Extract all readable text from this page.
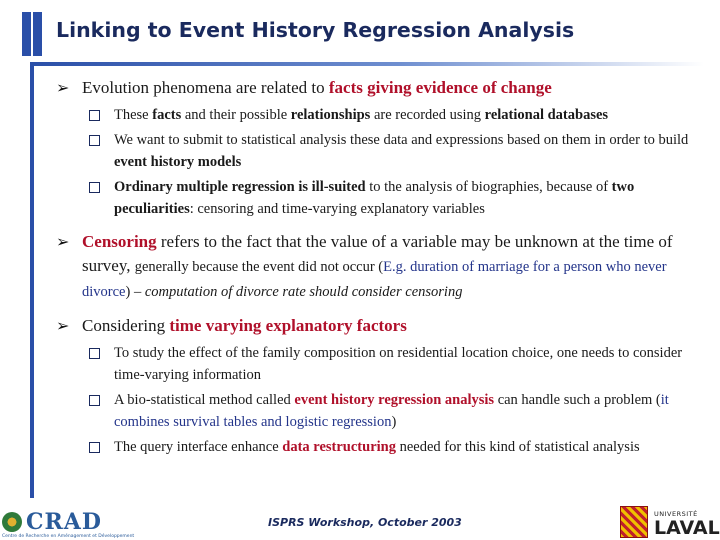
Linking to Event History Regression Analysis
➢ Evolution phenomena are related to facts giving evidence of change
These facts and their possible relationships are recorded using relational databases
We want to submit to statistical analysis these data and expressions based on them in order to build event history models
Ordinary multiple regression is ill-suited to the analysis of biographies, because of two peculiarities: censoring and time-varying explanatory variables
➢ Censoring refers to the fact that the value of a variable may be unknown at the time of survey, generally because the event did not occur (E.g. duration of marriage for a person who never divorce) – computation of divorce rate should consider censoring
➢ Considering time varying explanatory factors
To study the effect of the family composition on residential location choice, one needs to consider time-varying information
A bio-statistical method called event history regression analysis can handle such a problem (it combines survival tables and logistic regression)
The query interface enhance data restructuring needed for this kind of statistical analysis
CRAD
Centre de Recherche en Aménagement et Développement
ISPRS Workshop, October 2003
UNIVERSITÉ
LAVAL
